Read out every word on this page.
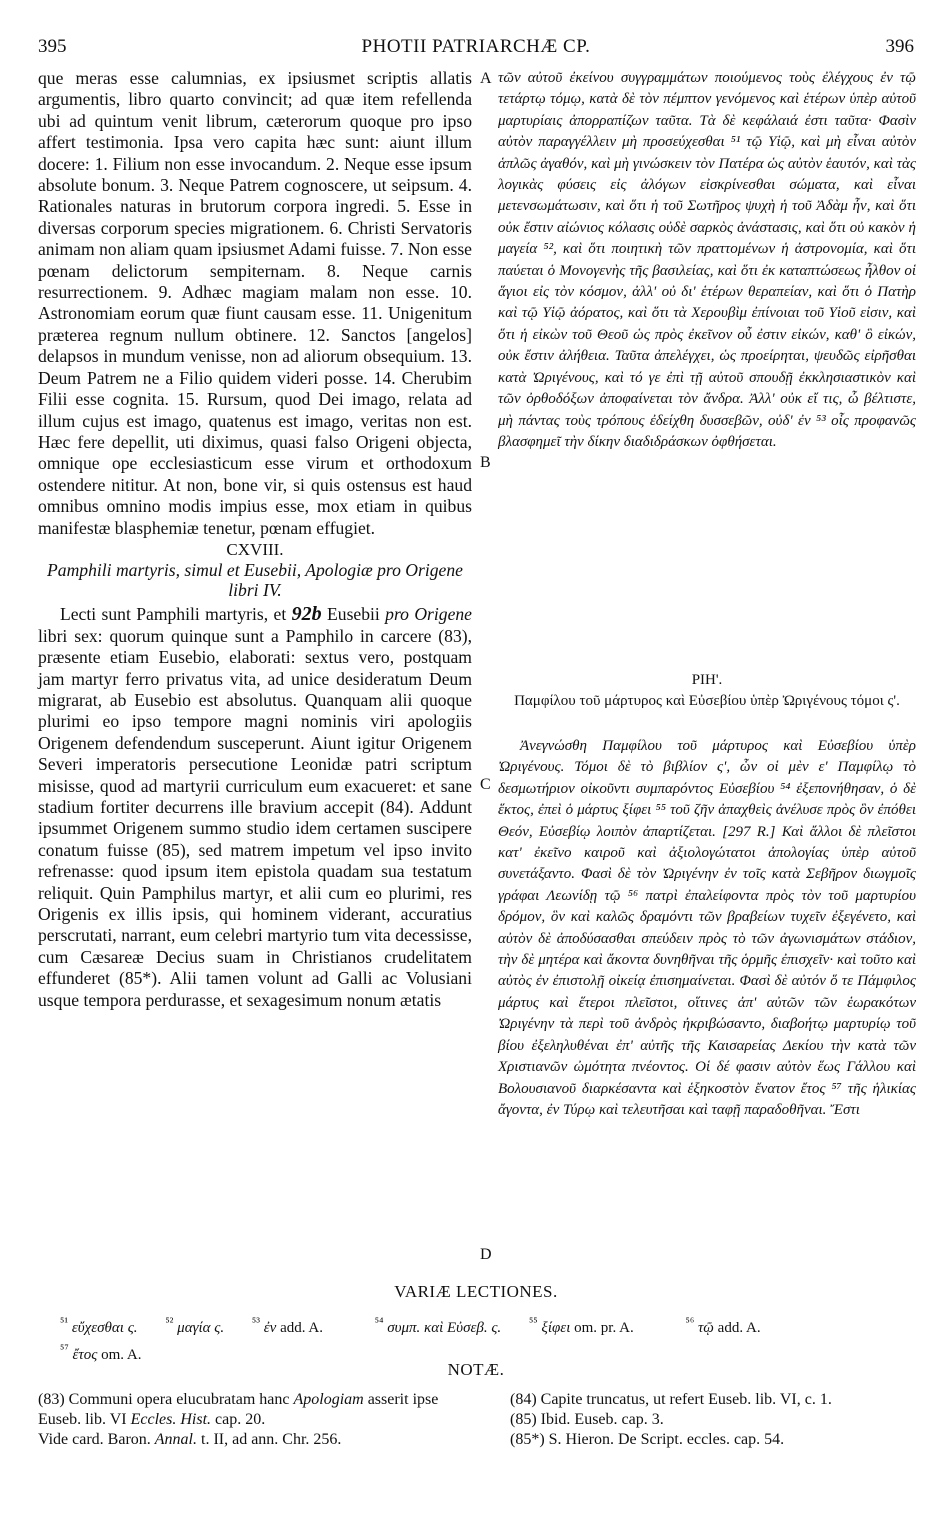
395	PHOTII PATRIARCHÆ CP.	396

que meras esse calumnias, ex ipsiusmet scriptis allatis argumentis, libro quarto convincit; ad quæ item refellenda ubi ad quintum venit librum, cæterorum quoque pro ipso affert testimonia. Ipsa vero capita hæc sunt: aiunt illum docere: 1. Filium non esse invocandum. 2. Neque esse ipsum absolute bonum. 3. Neque Patrem cognoscere, ut seipsum. 4. Rationales naturas in brutorum corpora ingredi. 5. Esse in diversas corporum species migrationem. 6. Christi Servatoris animam non aliam quam ipsiusmet Adami fuisse. 7. Non esse pœnam delictorum sempiternam. 8. Neque carnis resurrectionem. 9. Adhæc magiam malam non esse. 10. Astronomiam eorum quæ fiunt causam esse. 11. Unigenitum præterea regnum nullum obtinere. 12. Sanctos [angelos] delapsos in mundum venisse, non ad aliorum obsequium. 13. Deum Patrem ne a Filio quidem videri posse. 14. Cherubim Filii esse cognita. 15. Rursum, quod Dei imago, relata ad illum cujus est imago, quatenus est imago, veritas non est. Hæc fere depellit, uti diximus, quasi falso Origeni objecta, omnique ope ecclesiasticum esse virum et orthodoxum ostendere nititur. At non, bone vir, si quis ostensus est haud omnibus omnino modis impius esse, mox etiam in quibus manifestæ blasphemiæ tenetur, pœnam effugiet.

CXVIII.

Pamphili martyris, simul et Eusebii, Apologiæ pro Origene libri IV.

Lecti sunt Pamphili martyris, et 92b Eusebii pro Origene libri sex: quorum quinque sunt a Pamphilo in carcere (83), præsente etiam Eusebio, elaborati: sextus vero, postquam jam martyr ferro privatus vita, ad unice desideratum Deum migrarat, ab Eusebio est absolutus. Quanquam alii quoque plurimi eo ipso tempore magni nominis viri apologiis Origenem defendendum susceperunt. Aiunt igitur Origenem Severi imperatoris persecutione Leonidæ patri scriptum misisse, quod ad martyrii curriculum eum exacueret: et sane stadium fortiter decurrens ille bravium accepit (84). Addunt ipsummet Origenem summo studio idem certamen suscipere conatum fuisse (85), sed matrem impetum vel ipso invito refrenasse: quod ipsum item epistola quadam sua testatum reliquit. Quin Pamphilus martyr, et alii cum eo plurimi, res Origenis ex illis ipsis, qui hominem viderant, accuratius perscrutati, narrant, eum celebri martyrio tum vita decessisse, cum Cæsareæ Decius suam in Christianos crudelitatem effunderet (85*). Alii tamen volunt ad Galli ac Volusiani usque tempora perdurasse, et sexagesimum nonum ætatis

A
B
C
D

τῶν αὐτοῦ ἐκείνου συγγραμμάτων ποιούμενος τοὺς ἐλέγχους ἐν τῷ τετάρτῳ τόμῳ, κατὰ δὲ τὸν πέμπτον γενόμενος καὶ ἑτέρων ὑπὲρ αὐτοῦ μαρτυρίαις ἀπορραπίζων ταῦτα. Τὰ δὲ κεφάλαιά ἐστι ταῦτα· Φασὶν αὐτὸν παραγγέλλειν μὴ προσεύχεσθαι ⁵¹ τῷ Υἱῷ, καὶ μὴ εἶναι αὐτὸν ἁπλῶς ἀγαθόν, καὶ μὴ γινώσκειν τὸν Πατέρα ὡς αὐτὸν ἑαυτόν, καὶ τὰς λογικὰς φύσεις εἰς ἀλόγων εἰσκρίνεσθαι σώματα, καὶ εἶναι μετενσωμάτωσιν, καὶ ὅτι ἡ τοῦ Σωτῆρος ψυχὴ ἡ τοῦ Ἀδὰμ ἦν, καὶ ὅτι οὐκ ἔστιν αἰώνιος κόλασις οὐδὲ σαρκὸς ἀνάστασις, καὶ ὅτι οὐ κακὸν ἡ μαγεία ⁵², καὶ ὅτι ποιητικὴ τῶν πραττομένων ἡ ἀστρονομία, καὶ ὅτι παύεται ὁ Μονογενὴς τῆς βασιλείας, καὶ ὅτι ἐκ καταπτώσεως ἦλθον οἱ ἅγιοι εἰς τὸν κόσμον, ἀλλ' οὐ δι' ἑτέρων θεραπείαν, καὶ ὅτι ὁ Πατὴρ καὶ τῷ Υἱῷ ἀόρατος, καὶ ὅτι τὰ Χερουβὶμ ἐπίνοιαι τοῦ Υἱοῦ εἰσιν, καὶ ὅτι ἡ εἰκὼν τοῦ Θεοῦ ὡς πρὸς ἐκεῖνον οὗ ἐστιν εἰκών, καθ' ὃ εἰκών, οὐκ ἔστιν ἀλήθεια. Ταῦτα ἀπελέγχει, ὡς προείρηται, ψευδῶς εἰρῆσθαι κατὰ Ὠριγένους, καὶ τό γε ἐπὶ τῇ αὐτοῦ σπουδῇ ἐκκλησιαστικὸν καὶ τῶν ὀρθοδόξων ἀποφαίνεται τὸν ἄνδρα. Ἀλλ' οὐκ εἴ τις, ὦ βέλτιστε, μὴ πάντας τοὺς τρόπους ἐδείχθη δυσσεβῶν, οὐδ' ἐν ⁵³ οἷς προφανῶς βλασφημεῖ τὴν δίκην διαδιδράσκων ὀφθήσεται.

ΡΙΗ'.

Παμφίλου τοῦ μάρτυρος καὶ Εὐσεβίου ὑπὲρ Ὠριγένους τόμοι ς'.

Ἀνεγνώσθη Παμφίλου τοῦ μάρτυρος καὶ Εὐσεβίου ὑπὲρ Ὠριγένους. Τόμοι δὲ τὸ βιβλίον ς', ὧν οἱ μὲν ε' Παμφίλῳ τὸ δεσμωτήριον οἰκοῦντι συμπαρόντος Εὐσεβίου ⁵⁴ ἐξεπονήθησαν, ὁ δὲ ἕκτος, ἐπεὶ ὁ μάρτυς ξίφει ⁵⁵ τοῦ ζῆν ἀπαχθεὶς ἀνέλυσε πρὸς ὃν ἐπόθει Θεόν, Εὐσεβίῳ λοιπὸν ἀπαρτίζεται. [297 R.] Καὶ ἄλλοι δὲ πλεῖστοι κατ' ἐκεῖνο καιροῦ καὶ ἀξιολογώτατοι ἀπολογίας ὑπὲρ αὐτοῦ συνετάξαντο. Φασὶ δὲ τὸν Ὠριγένην ἐν τοῖς κατὰ Σεβῆρον διωγμοῖς γράφαι Λεωνίδῃ τῷ ⁵⁶ πατρὶ ἐπαλείφοντα πρὸς τὸν τοῦ μαρτυρίου δρόμον, ὃν καὶ καλῶς δραμόντι τῶν βραβείων τυχεῖν ἐξεγένετο, καὶ αὐτὸν δὲ ἀποδύσασθαι σπεύδειν πρὸς τὸ τῶν ἀγωνισμάτων στάδιον, τὴν δὲ μητέρα καὶ ἄκοντα δυνηθῆναι τῆς ὁρμῆς ἐπισχεῖν· καὶ τοῦτο καὶ αὐτὸς ἐν ἐπιστολῇ οἰκείᾳ ἐπισημαίνεται. Φασὶ δὲ αὐτόν ὅ τε Πάμφιλος μάρτυς καὶ ἕτεροι πλεῖστοι, οἵτινες ἀπ' αὐτῶν τῶν ἑωρακότων Ὠριγένην τὰ περὶ τοῦ ἀνδρὸς ἠκριβώσαντο, διαβοήτῳ μαρτυρίῳ τοῦ βίου ἐξεληλυθέναι ἐπ' αὐτῆς τῆς Καισαρείας Δεκίου τὴν κατὰ τῶν Χριστιανῶν ὠμότητα πνέοντος. Οἱ δέ φασιν αὐτὸν ἕως Γάλλου καὶ Βολουσιανοῦ διαρκέσαντα καὶ ἑξηκοστὸν ἔνατον ἔτος ⁵⁷ τῆς ἡλικίας ἄγοντα, ἐν Τύρῳ καὶ τελευτῆσαι καὶ ταφῇ παραδοθῆναι. Ἔστι

VARIÆ LECTIONES.
$^{^{51}}$ εὔχεσθαι ς. $^{^{52}}$ μαγία ς. $^{^{53}}$ ἐν add. A.	$^{^{54}}$ συμπ. καὶ Εὐσεβ. ς. $^{^{55}}$ ξίφει om. pr. A.	$^{^{56}}$ τῷ add. A.
$^{^{57}}$ ἔτος om. A.
NOTÆ.
(83) Communi opera elucubratam hanc Apologiam asserit ipse Euseb. lib. VI Eccles. Hist. cap. 20.
Vide card. Baron. Annal. t. II, ad ann. Chr. 256.
(84) Capite truncatus, ut refert Euseb. lib. VI, c. 1.
(85) Ibid. Euseb. cap. 3.
(85*) S. Hieron. De Script. eccles. cap. 54.
